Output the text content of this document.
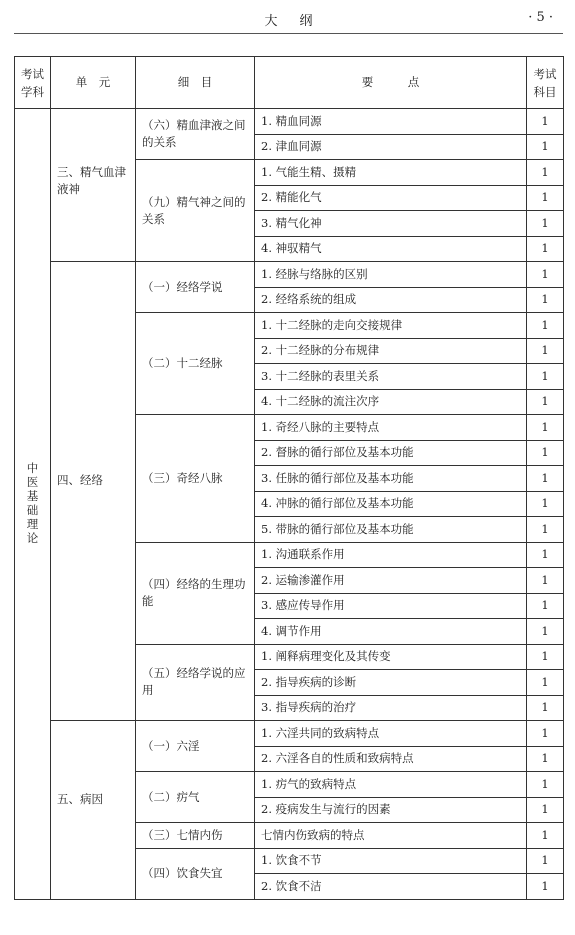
大纲	· 5 ·
考试学科	单　元	细　目	要　　　点	考试科目
中医基础理论	三、精气血津液神	（六）精血津液之间的关系	1. 精血同源	1
			2. 津血同源	1
		（九）精气神之间的关系	1. 气能生精、摄精	1
			2. 精能化气	1
			3. 精气化神	1
			4. 神驭精气	1

	四、经络	（一）经络学说	1. 经脉与络脉的区别	1
			2. 经络系统的组成	1
		（二）十二经脉	1. 十二经脉的走向交接规律	1
			2. 十二经脉的分布规律	1
			3. 十二经脉的表里关系	1
			4. 十二经脉的流注次序	1
		（三）奇经八脉	1. 奇经八脉的主要特点	1
			2. 督脉的循行部位及基本功能	1
			3. 任脉的循行部位及基本功能	1
			4. 冲脉的循行部位及基本功能	1
			5. 带脉的循行部位及基本功能	1
		（四）经络的生理功能	1. 沟通联系作用	1
			2. 运输渗灌作用	1
			3. 感应传导作用	1
			4. 调节作用	1
		（五）经络学说的应用	1. 阐释病理变化及其传变	1
			2. 指导疾病的诊断	1
			3. 指导疾病的治疗	1

	五、病因	（一）六淫	1. 六淫共同的致病特点	1
			2. 六淫各自的性质和致病特点	1
		（二）疠气	1. 疠气的致病特点	1
			2. 疫病发生与流行的因素	1
		（三）七情内伤	七情内伤致病的特点	1
		（四）饮食失宜	1. 饮食不节	1
			2. 饮食不洁	1
